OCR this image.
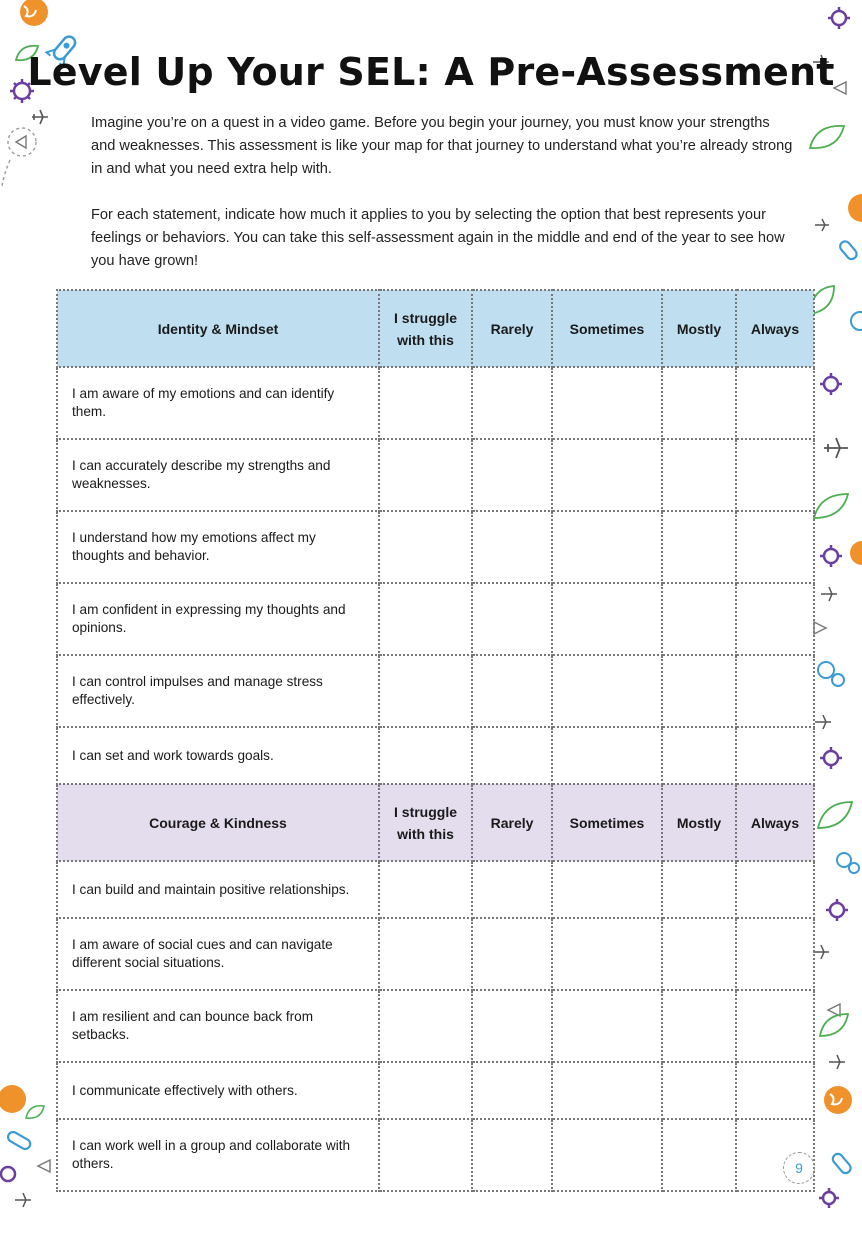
Level Up Your SEL: A Pre-Assessment

Imagine you’re on a quest in a video game. Before you begin your journey, you must know your strengths and weaknesses. This assessment is like your map for that journey to understand what you’re already strong in and what you need extra help with.

For each statement, indicate how much it applies to you by selecting the option that best represents your feelings or behaviors. You can take this self-assessment again in the middle and end of the year to see how you have grown!

Identity & Mindset	I struggle with this	Rarely	Sometimes	Mostly	Always
I am aware of my emotions and can identify them.					
I can accurately describe my strengths and weaknesses.					
I understand how my emotions affect my thoughts and behavior.					
I am confident in expressing my thoughts and opinions.					
I can control impulses and manage stress effectively.					
I can set and work towards goals.					
Courage & Kindness	I struggle with this	Rarely	Sometimes	Mostly	Always
I can build and maintain positive relationships.					
I am aware of social cues and can navigate different social situations.					
I am resilient and can bounce back from setbacks.					
I communicate effectively with others.					
I can work well in a group and collaborate with others.						9
